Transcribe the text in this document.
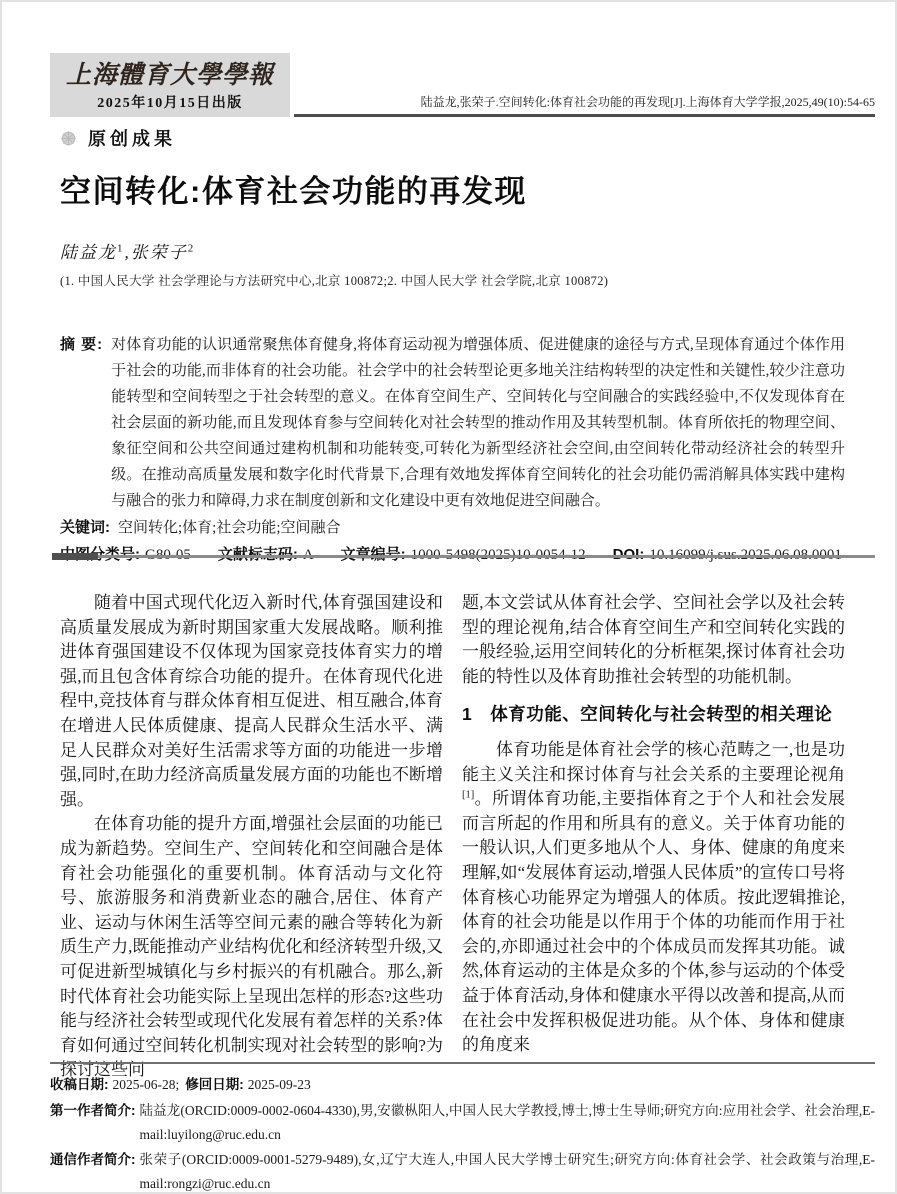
上海體育大學學報
2025年10月15日出版	陆益龙,张荣子.空间转化:体育社会功能的再发现[J].上海体育大学学报,2025,49(10):54-65
原创成果
空间转化:体育社会功能的再发现
陆益龙$^1$,张荣子$^2$
(1. 中国人民大学 社会学理论与方法研究中心,北京 100872;2. 中国人民大学 社会学院,北京 100872)
摘 要: 对体育功能的认识通常聚焦体育健身,将体育运动视为增强体质、促进健康的途径与方式,呈现体育通过个体作用于社会的功能,而非体育的社会功能。社会学中的社会转型论更多地关注结构转型的决定性和关键性,较少注意功能转型和空间转型之于社会转型的意义。在体育空间生产、空间转化与空间融合的实践经验中,不仅发现体育在社会层面的新功能,而且发现体育参与空间转化对社会转型的推动作用及其转型机制。体育所依托的物理空间、象征空间和公共空间通过建构机制和功能转变,可转化为新型经济社会空间,由空间转化带动经济社会的转型升级。在推动高质量发展和数字化时代背景下,合理有效地发挥体育空间转化的社会功能仍需消解具体实践中建构与融合的张力和障碍,力求在制度创新和文化建设中更有效地促进空间融合。
关键词: 空间转化;体育;社会功能;空间融合

随着中国式现代化迈入新时代,体育强国建设和高质量发展成为新时期国家重大发展战略。顺利推进体育强国建设不仅体现为国家竞技体育实力的增强,而且包含体育综合功能的提升。在体育现代化进程中,竞技体育与群众体育相互促进、相互融合,体育在增进人民体质健康、提高人民群众生活水平、满足人民群众对美好生活需求等方面的功能进一步增强,同时,在助力经济高质量发展方面的功能也不断增强。

在体育功能的提升方面,增强社会层面的功能已成为新趋势。空间生产、空间转化和空间融合是体育社会功能强化的重要机制。体育活动与文化符号、旅游服务和消费新业态的融合,居住、体育产业、运动与休闲生活等空间元素的融合等转化为新质生产力,既能推动产业结构优化和经济转型升级,又可促进新型城镇化与乡村振兴的有机融合。那么,新时代体育社会功能实际上呈现出怎样的形态?这些功能与经济社会转型或现代化发展有着怎样的关系?体育如何通过空间转化机制实现对社会转型的影响?为探讨这些问

题,本文尝试从体育社会学、空间社会学以及社会转型的理论视角,结合体育空间生产和空间转化实践的一般经验,运用空间转化的分析框架,探讨体育社会功能的特性以及体育助推社会转型的功能机制。

1 体育功能、空间转化与社会转型的相关理论

体育功能是体育社会学的核心范畴之一,也是功能主义关注和探讨体育与社会关系的主要理论视角[1]。所谓体育功能,主要指体育之于个人和社会发展而言所起的作用和所具有的意义。关于体育功能的一般认识,人们更多地从个人、身体、健康的角度来理解,如“发展体育运动,增强人民体质”的宣传口号将体育核心功能界定为增强人的体质。按此逻辑推论,体育的社会功能是以作用于个体的功能而作用于社会的,亦即通过社会中的个体成员而发挥其功能。诚然,体育运动的主体是众多的个体,参与运动的个体受益于体育活动,身体和健康水平得以改善和提高,从而在社会中发挥积极促进功能。从个体、身体和健康的角度来

收稿日期: 2025-06-28; 修回日期: 2025-09-23
第一作者简介: 陆益龙(ORCID:0009-0002-0604-4330),男,安徽枞阳人,中国人民大学教授,博士,博士生导师;研究方向:应用社会学、社会治理,E-mail:luyilong@ruc.edu.cn
通信作者简介: 张荣子(ORCID:0009-0001-5279-9489),女,辽宁大连人,中国人民大学博士研究生;研究方向:体育社会学、社会政策与治理,E-mail:rongzi@ruc.edu.cn
